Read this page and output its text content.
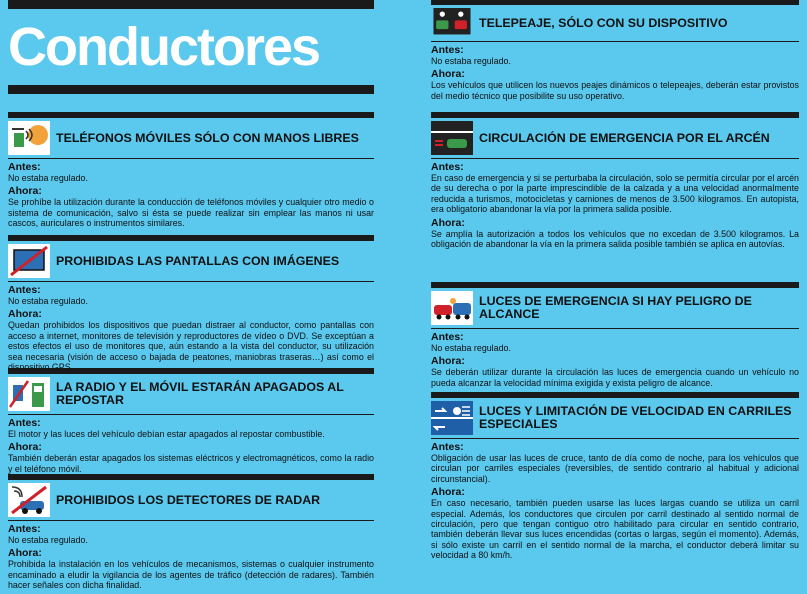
Conductores
TELÉFONOS MÓVILES SÓLO CON MANOS LIBRES
Antes:
No estaba regulado.
Ahora:
Se prohíbe la utilización durante la conducción de teléfonos móviles y cualquier otro medio o sistema de comunicación, salvo si ésta se puede realizar sin emplear las manos ni usar cascos, auriculares o instrumentos similares.
PROHIBIDAS LAS PANTALLAS CON IMÁGENES
Antes:
No estaba regulado.
Ahora:
Quedan prohibidos los dispositivos que puedan distraer al conductor, como pantallas con acceso a internet, monitores de televisión y reproductores de vídeo o DVD. Se exceptúan a estos efectos el uso de monitores que, aún estando a la vista del conductor, su utilización sea necesaria (visión de acceso o bajada de peatones, maniobras traseras…) así como el dispositivo GPS.
LA RADIO Y EL MÓVIL ESTARÁN APAGADOS AL REPOSTAR
Antes:
El motor y las luces del vehículo debían estar apagados al repostar combustible.
Ahora:
También deberán estar apagados los sistemas eléctricos y electromagnéticos, como la radio y el teléfono móvil.
PROHIBIDOS LOS DETECTORES DE RADAR
Antes:
No estaba regulado.
Ahora:
Prohibida la instalación en los vehículos de mecanismos, sistemas o cualquier instrumento encaminado a eludir la vigilancia de los agentes de tráfico (detección de radares). También hacer señales con dicha finalidad.
TELEPEAJE, SÓLO CON SU DISPOSITIVO
Antes:
No estaba regulado.
Ahora:
Los vehículos que utilicen los nuevos peajes dinámicos o telepeajes, deberán estar provistos del medio técnico que posibilite su uso operativo.
CIRCULACIÓN DE EMERGENCIA POR EL ARCÉN
Antes:
En caso de emergencia y si se perturbaba la circulación, solo se permitía circular por el arcén de su derecha o por la parte imprescindible de la calzada y a una velocidad anormalmente reducida a turismos, motocicletas y camiones de menos de 3.500 kilogramos. En autopista, era obligatorio abandonar la vía por la primera salida posible.
Ahora:
Se amplía la autorización a todos los vehículos que no excedan de 3.500 kilogramos. La obligación de abandonar la vía en la primera salida posible también se aplica en autovías.
LUCES DE EMERGENCIA SI HAY PELIGRO DE ALCANCE
Antes:
No estaba regulado.
Ahora:
Se deberán utilizar durante la circulación las luces de emergencia cuando un vehículo no pueda alcanzar la velocidad mínima exigida y exista peligro de alcance.
LUCES Y LIMITACIÓN DE VELOCIDAD EN CARRILES ESPECIALES
Antes:
Obligación de usar las luces de cruce, tanto de día como de noche, para los vehículos que circulan por carriles especiales (reversibles, de sentido contrario al habitual y adicional circunstancial).
Ahora:
En caso necesario, también pueden usarse las luces largas cuando se utiliza un carril especial. Además, los conductores que circulen por carril destinado al sentido normal de circulación, pero que tengan contiguo otro habilitado para circular en sentido contrario, también deberán llevar sus luces encendidas (cortas o largas, según el momento). Además, si sólo existe un carril en el sentido normal de la marcha, el conductor deberá limitar su velocidad a 80 km/h.
